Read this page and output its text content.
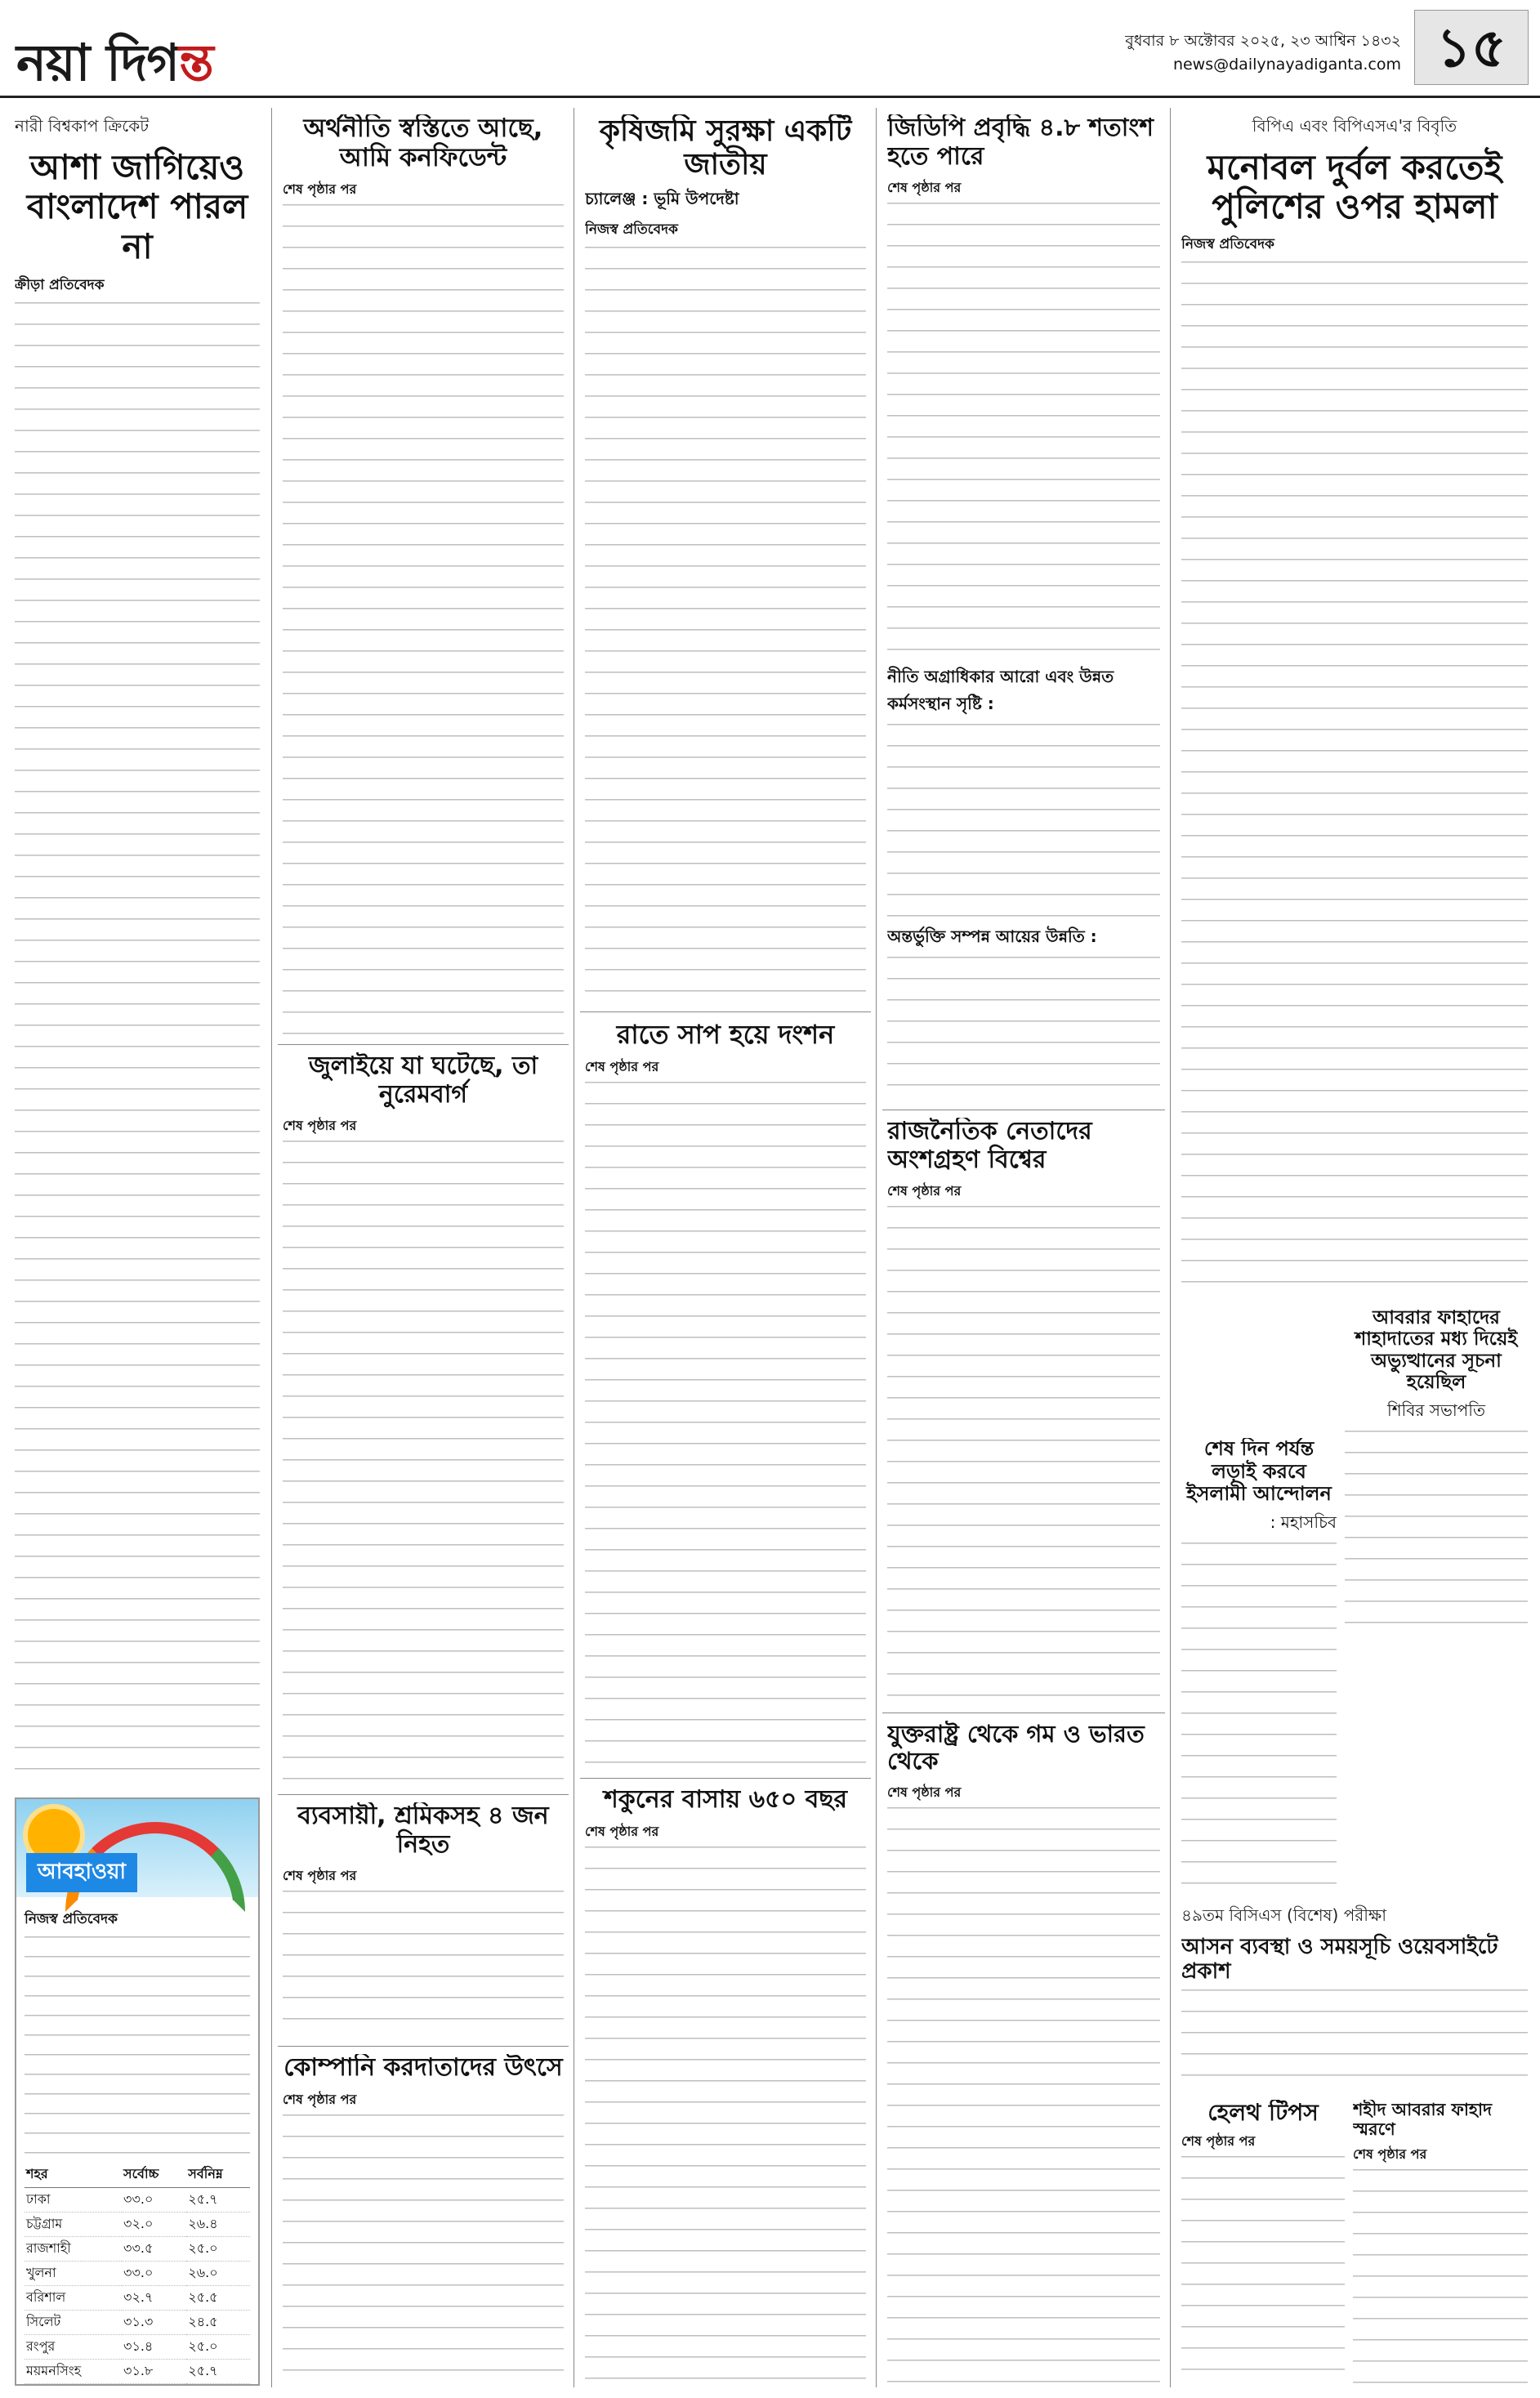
নয়া দিগন্ত	বুধবার ৮ অক্টোবর ২০২৫, ২৩ আশ্বিন ১৪৩২
news@dailynayadiganta.com ১৫
নারী বিশ্বকাপ ক্রিকেট
আশা জাগিয়েও বাংলাদেশ পারল না
ক্রীড়া প্রতিবেদক
আবহাওয়া
নিজস্ব প্রতিবেদক
শহর	সর্বোচ্চ	সর্বনিম্ন
ঢাকা	৩৩.০	২৫.৭
চট্টগ্রাম	৩২.০	২৬.৪
রাজশাহী	৩৩.৫	২৫.০
খুলনা	৩৩.০	২৬.০
বরিশাল	৩২.৭	২৫.৫
সিলেট	৩১.৩	২৪.৫
রংপুর	৩১.৪	২৫.০
ময়মনসিংহ	৩১.৮	২৫.৭
অর্থনীতি স্বস্তিতে আছে, আমি কনফিডেন্ট
শেষ পৃষ্ঠার পর
জুলাইয়ে যা ঘটেছে, তা নুরেমবার্গ
শেষ পৃষ্ঠার পর
ব্যবসায়ী, শ্রমিকসহ ৪ জন নিহত
শেষ পৃষ্ঠার পর
কোম্পানি করদাতাদের উৎসে
শেষ পৃষ্ঠার পর
কৃষিজমি সুরক্ষা একটি জাতীয়
চ্যালেঞ্জ : ভূমি উপদেষ্টা
নিজস্ব প্রতিবেদক
রাতে সাপ হয়ে দংশন
শেষ পৃষ্ঠার পর
শকুনের বাসায় ৬৫০ বছর
শেষ পৃষ্ঠার পর
জিডিপি প্রবৃদ্ধি ৪.৮ শতাংশ হতে পারে
শেষ পৃষ্ঠার পর
নীতি অগ্রাধিকার আরো এবং উন্নত কর্মসংস্থান সৃষ্টি :
অন্তর্ভুক্তি সম্পন্ন আয়ের উন্নতি :
রাজনৈতিক নেতাদের অংশগ্রহণ বিশ্বের
শেষ পৃষ্ঠার পর
যুক্তরাষ্ট্র থেকে গম ও ভারত থেকে
শেষ পৃষ্ঠার পর
বিপিএ এবং বিপিএসএ'র বিবৃতি
মনোবল দুর্বল করতেই পুলিশের ওপর হামলা
নিজস্ব প্রতিবেদক
আবরার ফাহাদের শাহাদাতের মধ্য দিয়েই অভ্যুত্থানের সূচনা হয়েছিল
শিবির সভাপতি
শেষ দিন পর্যন্ত লড়াই করবে ইসলামী আন্দোলন
: মহাসচিব
৪৯তম বিসিএস (বিশেষ) পরীক্ষা
আসন ব্যবস্থা ও সময়সূচি ওয়েবসাইটে প্রকাশ
হেলথ টিপস
শেষ পৃষ্ঠার পর
শহীদ আবরার ফাহাদ স্মরণে
শেষ পৃষ্ঠার পর
